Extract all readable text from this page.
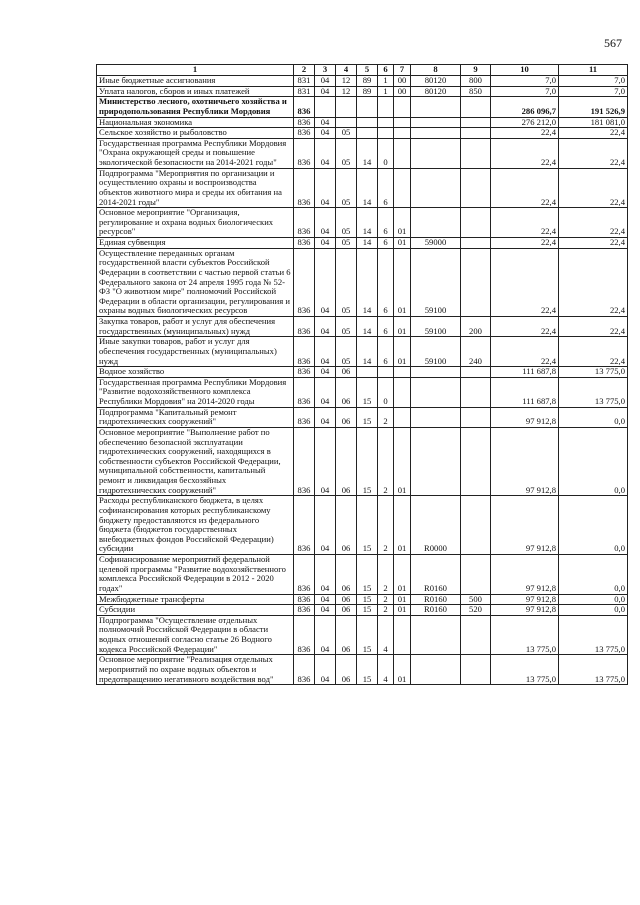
567
1	2	3	4	5	6	7	8	9	10	11
Иные бюджетные ассигнования	831	04	12	89	1	00	80120	800	7,0	7,0
Уплата налогов, сборов и иных платежей	831	04	12	89	1	00	80120	850	7,0	7,0
Министерство лесного, охотничьего хозяйства и природопользования Республики Мордовия	836								286 096,7	191 526,9
Национальная экономика	836	04							276 212,0	181 081,0
Сельское хозяйство и рыболовство	836	04	05						22,4	22,4
Государственная программа Республики Мордовия "Охрана окружающей среды и повышение экологической безопасности на 2014-2021 годы"	836	04	05	14	0				22,4	22,4
Подпрограмма "Мероприятия по организации и осуществлению охраны и воспроизводства объектов животного мира и среды их обитания на 2014-2021 годы"	836	04	05	14	6				22,4	22,4
Основное мероприятие "Организация, регулирование и охрана водных биологических ресурсов"	836	04	05	14	6	01			22,4	22,4
Единая субвенция	836	04	05	14	6	01	59000		22,4	22,4
Осуществление переданных органам государственной власти субъектов Российской Федерации в соответствии с частью первой статьи 6 Федерального закона от 24 апреля 1995 года № 52-ФЗ "О животном мире" полномочий Российской Федерации в области организации, регулирования и охраны водных биологических ресурсов	836	04	05	14	6	01	59100		22,4	22,4
Закупка товаров, работ и услуг для обеспечения государственных (муниципальных) нужд	836	04	05	14	6	01	59100	200	22,4	22,4
Иные закупки товаров, работ и услуг для обеспечения государственных (муниципальных) нужд	836	04	05	14	6	01	59100	240	22,4	22,4
Водное хозяйство	836	04	06						111 687,8	13 775,0
Государственная программа Республики Мордовия "Развитие водохозяйственного комплекса Республики Мордовия" на 2014-2020 годы	836	04	06	15	0				111 687,8	13 775,0
Подпрограмма "Капитальный ремонт гидротехнических сооружений"	836	04	06	15	2				97 912,8	0,0
Основное мероприятие "Выполнение работ по обеспечению безопасной эксплуатации гидротехнических сооружений, находящихся в собственности субъектов Российской Федерации, муниципальной собственности, капитальный ремонт и ликвидация бесхозяйных гидротехнических сооружений"	836	04	06	15	2	01			97 912,8	0,0
Расходы республиканского бюджета, в целях софинансирования которых республиканскому бюджету предоставляются из федерального бюджета (бюджетов государственных внебюджетных фондов Российской Федерации) субсидии	836	04	06	15	2	01	R0000		97 912,8	0,0
Софинансирование мероприятий федеральной целевой программы "Развитие водохозяйственного комплекса Российской Федерации в 2012 - 2020 годах"	836	04	06	15	2	01	R0160		97 912,8	0,0
Межбюджетные трансферты	836	04	06	15	2	01	R0160	500	97 912,8	0,0
Субсидии	836	04	06	15	2	01	R0160	520	97 912,8	0,0
Подпрограмма "Осуществление отдельных полномочий Российской Федерации в области водных отношений согласно статье 26 Водного кодекса Российской Федерации"	836	04	06	15	4				13 775,0	13 775,0
Основное мероприятие "Реализация отдельных мероприятий по охране водных объектов и предотвращению негативного воздействия вод"	836	04	06	15	4	01			13 775,0	13 775,0
